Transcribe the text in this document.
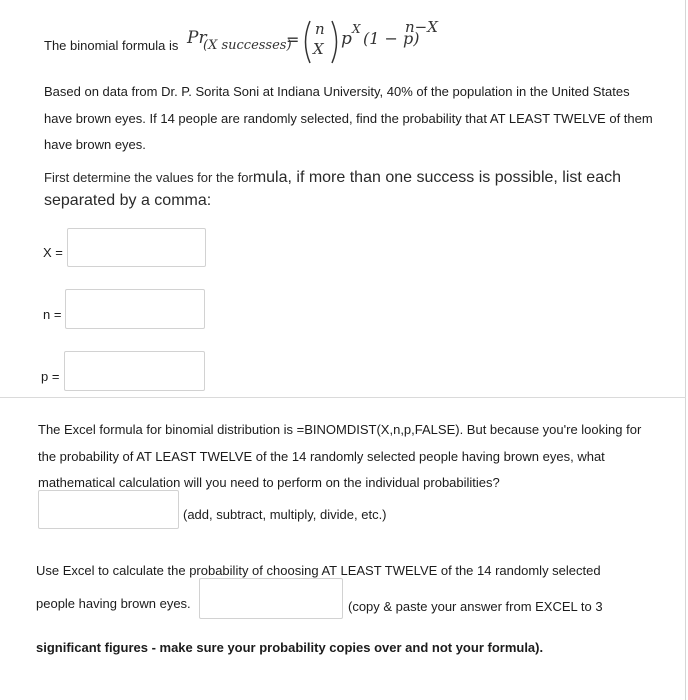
The binomial formula is Pr
(X successes)
=
n
X p X (1 − p)
n−X
Based on data from Dr. P. Sorita Soni at Indiana University, 40% of the population in the United States
have brown eyes. If 14 people are randomly selected, find the probability that AT LEAST TWELVE of them
have brown eyes.
First determine the values for the formula, if more than one success is possible, list each
separated by a comma:
X =
n =
p =
The Excel formula for binomial distribution is =BINOMDIST(X,n,p,FALSE). But because you're looking for
the probability of AT LEAST TWELVE of the 14 randomly selected people having brown eyes, what
mathematical calculation will you need to perform on the individual probabilities?
(add, subtract, multiply, divide, etc.)
Use Excel to calculate the probability of choosing AT LEAST TWELVE of the 14 randomly selected
people having brown eyes.	(copy & paste your answer from EXCEL to 3
significant figures - make sure your probability copies over and not your formula).
